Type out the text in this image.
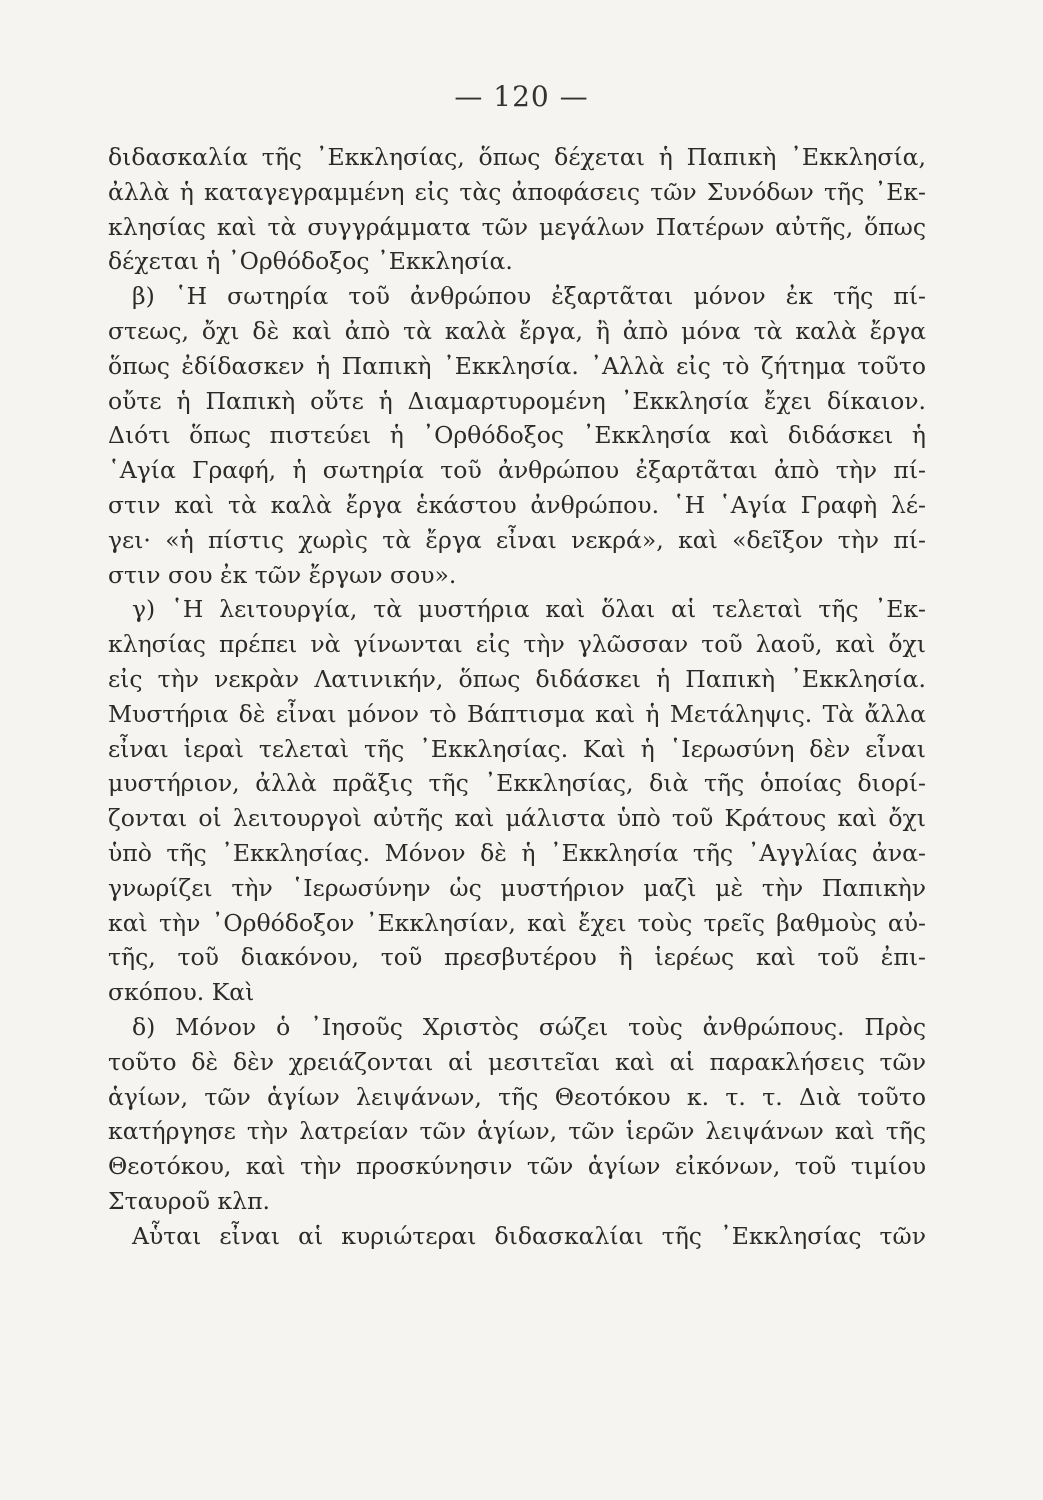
— 120 —
διδασκαλία τῆς ᾿Εκκλησίας, ὅπως δέχεται ἡ Παπικὴ ᾿Εκκλησία,
ἀλλὰ ἡ καταγεγραμμένη εἰς τὰς ἀποφάσεις τῶν Συνόδων τῆς ᾿Εκ-
κλησίας καὶ τὰ συγγράμματα τῶν μεγάλων Πατέρων αὐτῆς, ὅπως
δέχεται ἡ ᾿Ορθόδοξος ᾿Εκκλησία.
β) ῾Η σωτηρία τοῦ ἀνθρώπου ἐξαρτᾶται μόνον ἐκ τῆς πί-
στεως, ὄχι δὲ καὶ ἀπὸ τὰ καλὰ ἔργα, ἢ ἀπὸ μόνα τὰ καλὰ ἔργα
ὅπως ἐδίδασκεν ἡ Παπικὴ ᾿Εκκλησία. ᾿Αλλὰ εἰς τὸ ζήτημα τοῦτο
οὔτε ἡ Παπικὴ οὔτε ἡ Διαμαρτυρομένη ᾿Εκκλησία ἔχει δίκαιον.
Διότι ὅπως πιστεύει ἡ ᾿Ορθόδοξος ᾿Εκκλησία καὶ διδάσκει ἡ
῾Αγία Γραφή, ἡ σωτηρία τοῦ ἀνθρώπου ἐξαρτᾶται ἀπὸ τὴν πί-
στιν καὶ τὰ καλὰ ἔργα ἑκάστου ἀνθρώπου. ῾Η ῾Αγία Γραφὴ λέ-
γει· «ἡ πίστις χωρὶς τὰ ἔργα εἶναι νεκρά», καὶ «δεῖξον τὴν πί-
στιν σου ἐκ τῶν ἔργων σου».
γ) ῾Η λειτουργία, τὰ μυστήρια καὶ ὅλαι αἱ τελεταὶ τῆς ᾿Εκ-
κλησίας πρέπει νὰ γίνωνται εἰς τὴν γλῶσσαν τοῦ λαοῦ, καὶ ὄχι
εἰς τὴν νεκρὰν Λατινικήν, ὅπως διδάσκει ἡ Παπικὴ ᾿Εκκλησία.
Μυστήρια δὲ εἶναι μόνον τὸ Βάπτισμα καὶ ἡ Μετάληψις. Τὰ ἄλλα
εἶναι ἱεραὶ τελεταὶ τῆς ᾿Εκκλησίας. Καὶ ἡ ῾Ιερωσύνη δὲν εἶναι
μυστήριον, ἀλλὰ πρᾶξις τῆς ᾿Εκκλησίας, διὰ τῆς ὁποίας διορί-
ζονται οἱ λειτουργοὶ αὐτῆς καὶ μάλιστα ὑπὸ τοῦ Κράτους καὶ ὄχι
ὑπὸ τῆς ᾿Εκκλησίας. Μόνον δὲ ἡ ᾿Εκκλησία τῆς ᾿Αγγλίας ἀνα-
γνωρίζει τὴν ῾Ιερωσύνην ὡς μυστήριον μαζὶ μὲ τὴν Παπικὴν
καὶ τὴν ᾿Ορθόδοξον ᾿Εκκλησίαν, καὶ ἔχει τοὺς τρεῖς βαθμοὺς αὐ-
τῆς, τοῦ διακόνου, τοῦ πρεσβυτέρου ἢ ἱερέως καὶ τοῦ ἐπι-
σκόπου. Καὶ
δ) Μόνον ὁ ᾿Ιησοῦς Χριστὸς σώζει τοὺς ἀνθρώπους. Πρὸς
τοῦτο δὲ δὲν χρειάζονται αἱ μεσιτεῖαι καὶ αἱ παρακλήσεις τῶν
ἁγίων, τῶν ἁγίων λειψάνων, τῆς Θεοτόκου κ. τ. τ. Διὰ τοῦτο
κατήργησε τὴν λατρείαν τῶν ἁγίων, τῶν ἱερῶν λειψάνων καὶ τῆς
Θεοτόκου, καὶ τὴν προσκύνησιν τῶν ἁγίων εἰκόνων, τοῦ τιμίου
Σταυροῦ κλπ.
Αὗται εἶναι αἱ κυριώτεραι διδασκαλίαι τῆς ᾿Εκκλησίας τῶν
